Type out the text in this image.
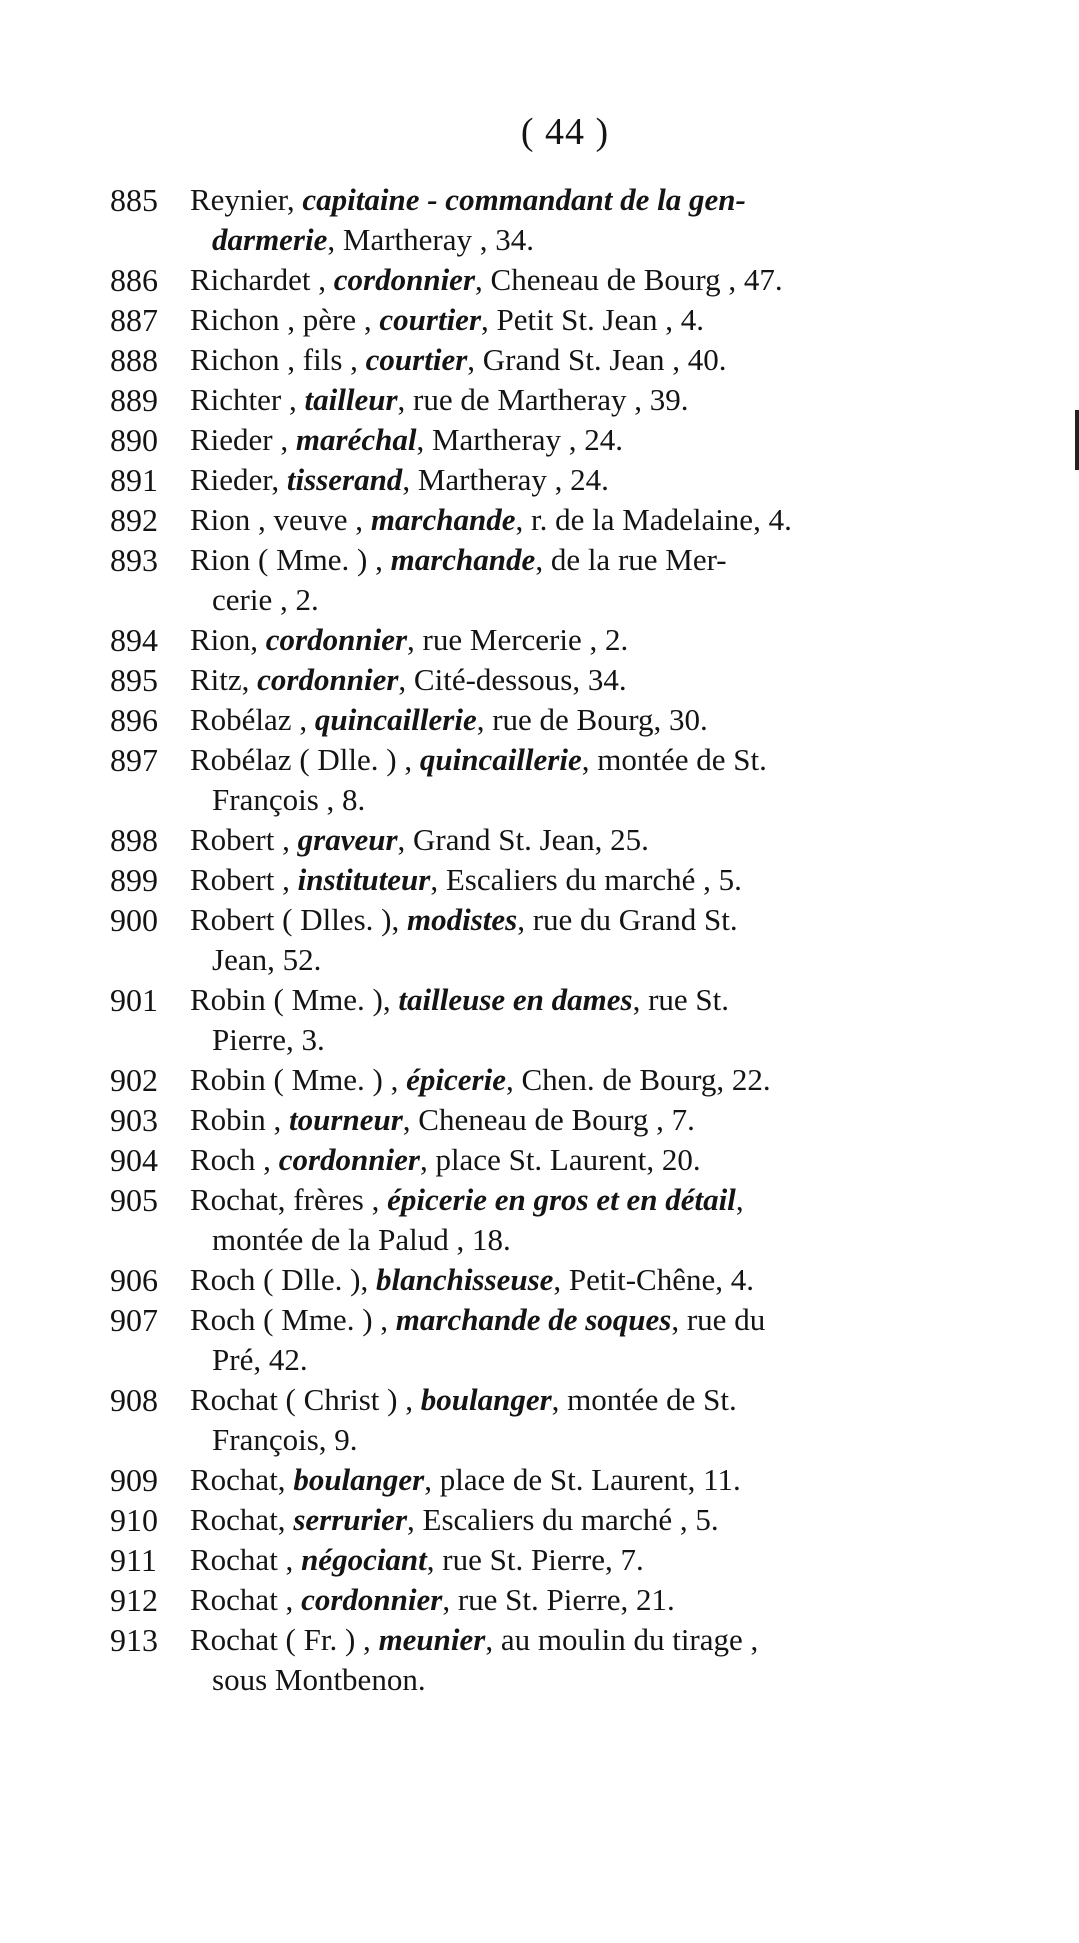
( 44 )
885	Reynier, capitaine - commandant de la gen-
darmerie, Martheray , 34.
886	Richardet , cordonnier, Cheneau de Bourg , 47.
887	Richon , père , courtier, Petit St. Jean , 4.
888	Richon , fils , courtier, Grand St. Jean , 40.
889	Richter , tailleur, rue de Martheray , 39.
890	Rieder , maréchal, Martheray , 24.
891	Rieder, tisserand, Martheray , 24.
892	Rion , veuve , marchande, r. de la Madelaine, 4.
893	Rion ( Mme. ) , marchande, de la rue Mer-
cerie , 2.
894	Rion, cordonnier, rue Mercerie , 2.
895	Ritz, cordonnier, Cité-dessous, 34.
896	Robélaz , quincaillerie, rue de Bourg, 30.
897	Robélaz ( Dlle. ) , quincaillerie, montée de St.
François , 8.
898	Robert , graveur, Grand St. Jean, 25.
899	Robert , instituteur, Escaliers du marché , 5.
900	Robert ( Dlles. ), modistes, rue du Grand St.
Jean, 52.
901	Robin ( Mme. ), tailleuse en dames, rue St.
Pierre, 3.
902	Robin ( Mme. ) , épicerie, Chen. de Bourg, 22.
903	Robin , tourneur, Cheneau de Bourg , 7.
904	Roch , cordonnier, place St. Laurent, 20.
905	Rochat, frères , épicerie en gros et en détail,
montée de la Palud , 18.
906	Roch ( Dlle. ), blanchisseuse, Petit-Chêne, 4.
907	Roch ( Mme. ) , marchande de soques, rue du
Pré, 42.
908	Rochat ( Christ ) , boulanger, montée de St.
François, 9.
909	Rochat, boulanger, place de St. Laurent, 11.
910	Rochat, serrurier, Escaliers du marché , 5.
911	Rochat , négociant, rue St. Pierre, 7.
912	Rochat , cordonnier, rue St. Pierre, 21.
913	Rochat ( Fr. ) , meunier, au moulin du tirage ,
sous Montbenon.
